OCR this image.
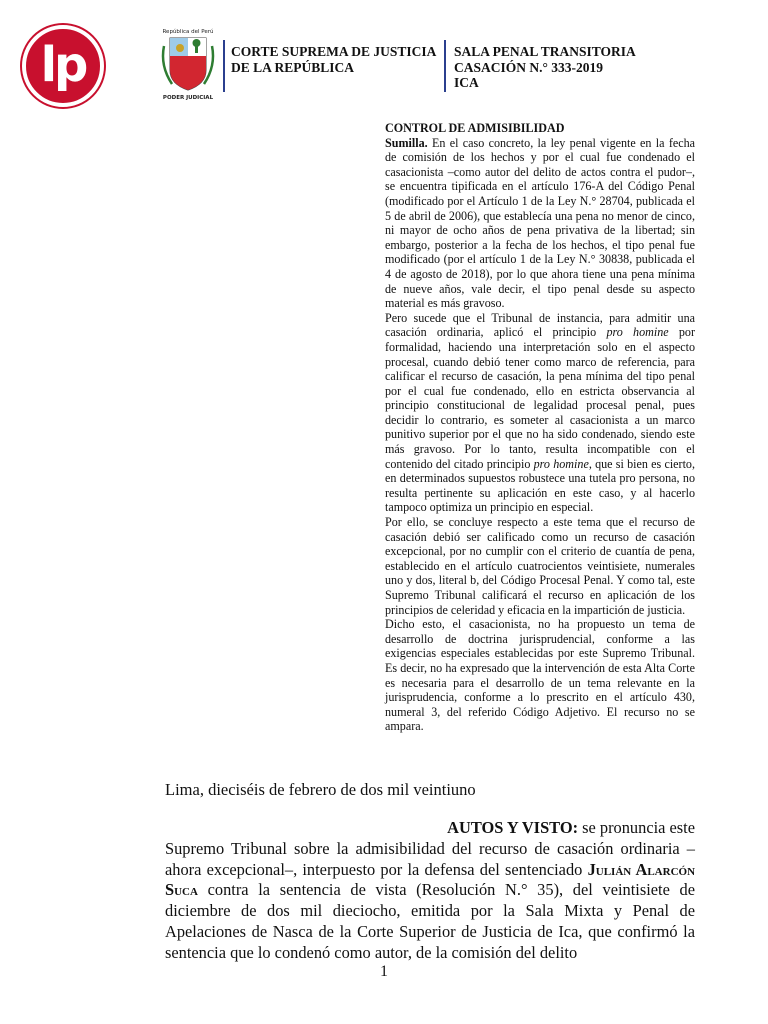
lp
República del Perú
PODER JUDICIAL
CORTE SUPREMA DE JUSTICIA
DE LA REPÚBLICA
SALA PENAL TRANSITORIA
CASACIÓN N.° 333-2019
ICA

CONTROL DE ADMISIBILIDAD

Sumilla. En el caso concreto, la ley penal vigente en la fecha de comisión de los hechos y por el cual fue condenado el casacionista –como autor del delito de actos contra el pudor–, se encuentra tipificada en el artículo 176-A del Código Penal (modificado por el Artículo 1 de la Ley N.° 28704, publicada el 5 de abril de 2006), que establecía una pena no menor de cinco, ni mayor de ocho años de pena privativa de la libertad; sin embargo, posterior a la fecha de los hechos, el tipo penal fue modificado (por el artículo 1 de la Ley N.° 30838, publicada el 4 de agosto de 2018), por lo que ahora tiene una pena mínima de nueve años, vale decir, el tipo penal desde su aspecto material es más gravoso.

Pero sucede que el Tribunal de instancia, para admitir una casación ordinaria, aplicó el principio pro homine por formalidad, haciendo una interpretación solo en el aspecto procesal, cuando debió tener como marco de referencia, para calificar el recurso de casación, la pena mínima del tipo penal por el cual fue condenado, ello en estricta observancia al principio constitucional de legalidad procesal penal, pues decidir lo contrario, es someter al casacionista a un marco punitivo superior por el que no ha sido condenado, siendo este más gravoso. Por lo tanto, resulta incompatible con el contenido del citado principio pro homine, que si bien es cierto, en determinados supuestos robustece una tutela pro persona, no resulta pertinente su aplicación en este caso, y al hacerlo tampoco optimiza un principio en especial.

Por ello, se concluye respecto a este tema que el recurso de casación debió ser calificado como un recurso de casación excepcional, por no cumplir con el criterio de cuantía de pena, establecido en el artículo cuatrocientos veintisiete, numerales uno y dos, literal b, del Código Procesal Penal. Y como tal, este Supremo Tribunal calificará el recurso en aplicación de los principios de celeridad y eficacia en la impartición de justicia.

Dicho esto, el casacionista, no ha propuesto un tema de desarrollo de doctrina jurisprudencial, conforme a las exigencias especiales establecidas por este Supremo Tribunal. Es decir, no ha expresado que la intervención de esta Alta Corte es necesaria para el desarrollo de un tema relevante en la jurisprudencia, conforme a lo prescrito en el artículo 430, numeral 3, del referido Código Adjetivo. El recurso no se ampara.

Lima, dieciséis de febrero de dos mil veintiuno

AUTOS Y VISTO: se pronuncia este

Supremo Tribunal sobre la admisibilidad del recurso de casación ordinaria –ahora excepcional–, interpuesto por la defensa del sentenciado Julián Alarcón Suca contra la sentencia de vista (Resolución N.° 35), del veintisiete de diciembre de dos mil dieciocho, emitida por la Sala Mixta y Penal de Apelaciones de Nasca de la Corte Superior de Justicia de Ica, que confirmó la sentencia que lo condenó como autor, de la comisión del delito

1
